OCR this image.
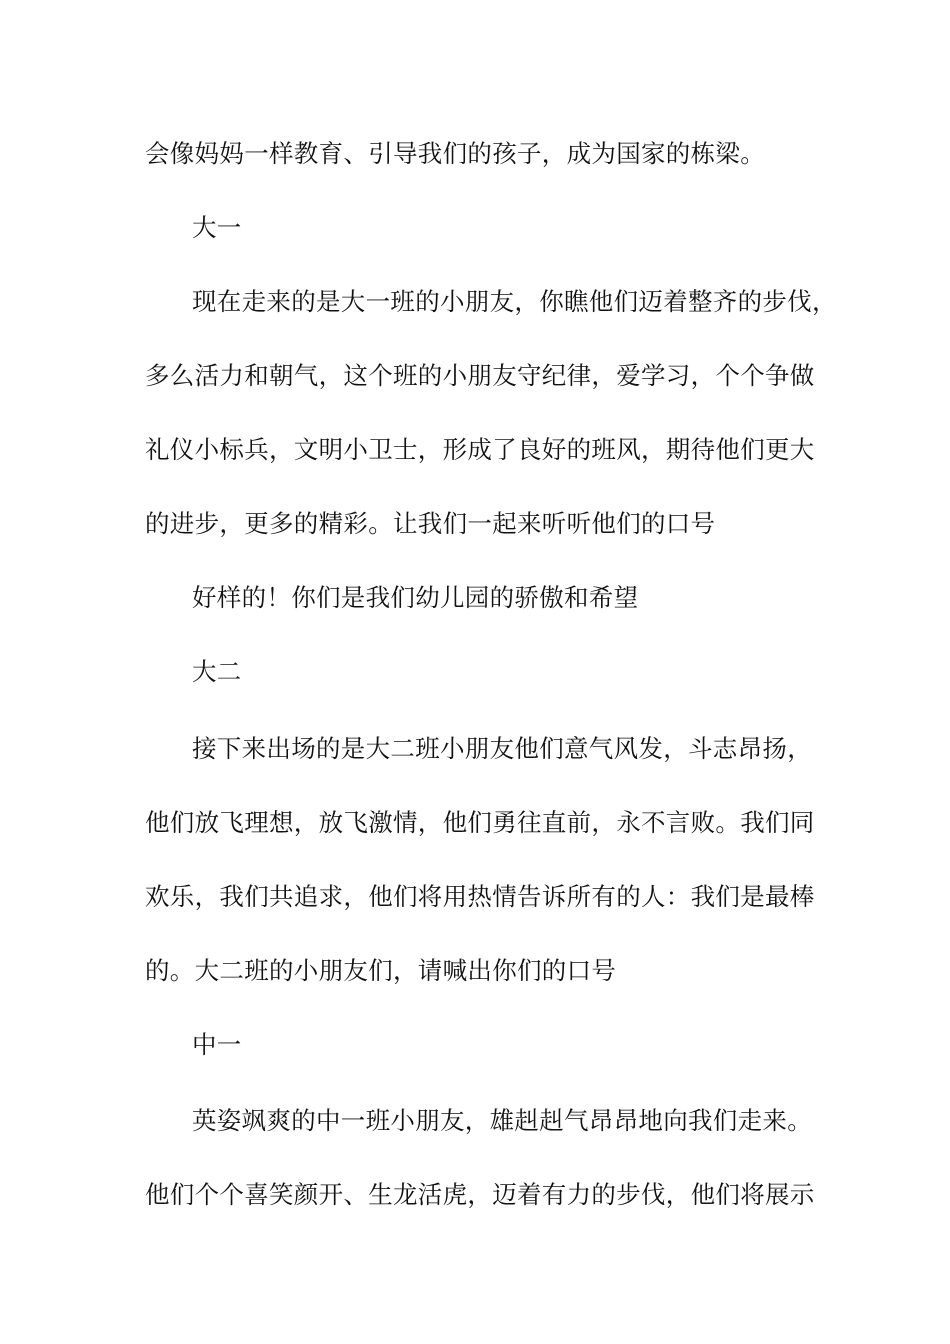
会像妈妈一样教育、引导我们的孩子，成为国家的栋梁。
大一
现在走来的是大一班的小朋友，你瞧他们迈着整齐的步伐，
多么活力和朝气，这个班的小朋友守纪律，爱学习，个个争做
礼仪小标兵，文明小卫士，形成了良好的班风，期待他们更大
的进步，更多的精彩。让我们一起来听听他们的口号
好样的！你们是我们幼儿园的骄傲和希望
大二
接下来出场的是大二班小朋友他们意气风发，斗志昂扬，
他们放飞理想，放飞激情，他们勇往直前，永不言败。我们同
欢乐，我们共追求，他们将用热情告诉所有的人：我们是最棒
的。大二班的小朋友们，请喊出你们的口号
中一
英姿飒爽的中一班小朋友，雄赳赳气昂昂地向我们走来。
他们个个喜笑颜开、生龙活虎，迈着有力的步伐，他们将展示
